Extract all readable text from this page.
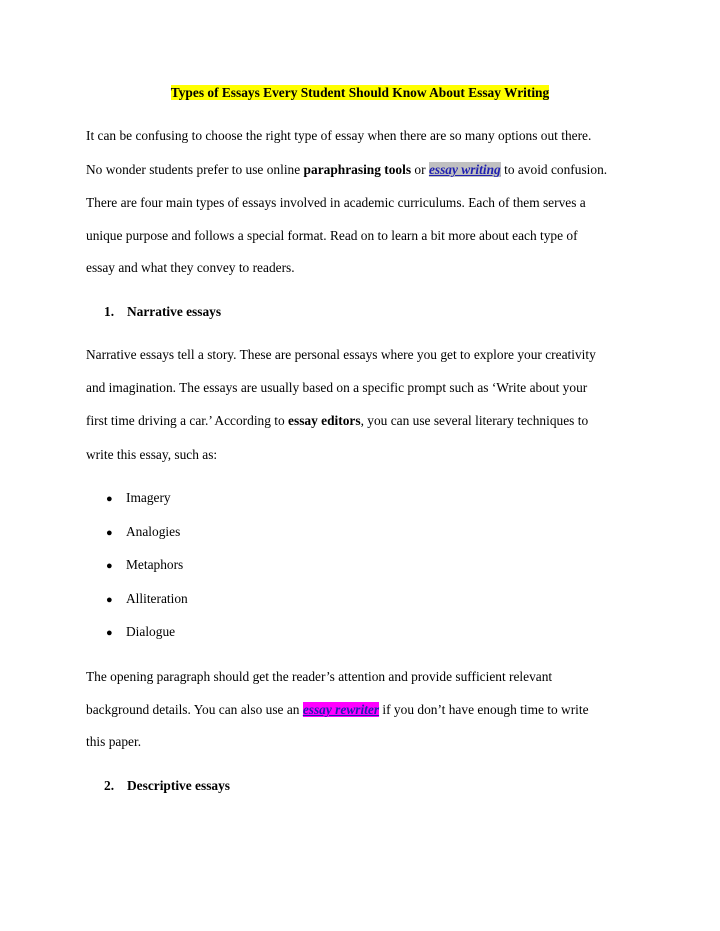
Types of Essays Every Student Should Know About Essay Writing
It can be confusing to choose the right type of essay when there are so many options out there.
No wonder students prefer to use online paraphrasing tools or essay writing to avoid confusion.
There are four main types of essays involved in academic curriculums. Each of them serves a
unique purpose and follows a special format. Read on to learn a bit more about each type of
essay and what they convey to readers.
1. Narrative essays
Narrative essays tell a story. These are personal essays where you get to explore your creativity
and imagination. The essays are usually based on a specific prompt such as ‘Write about your
first time driving a car.’ According to essay editors, you can use several literary techniques to
write this essay, such as:
● Imagery
● Analogies
● Metaphors
● Alliteration
● Dialogue
The opening paragraph should get the reader’s attention and provide sufficient relevant
background details. You can also use an essay rewriter if you don’t have enough time to write
this paper.
2. Descriptive essays
